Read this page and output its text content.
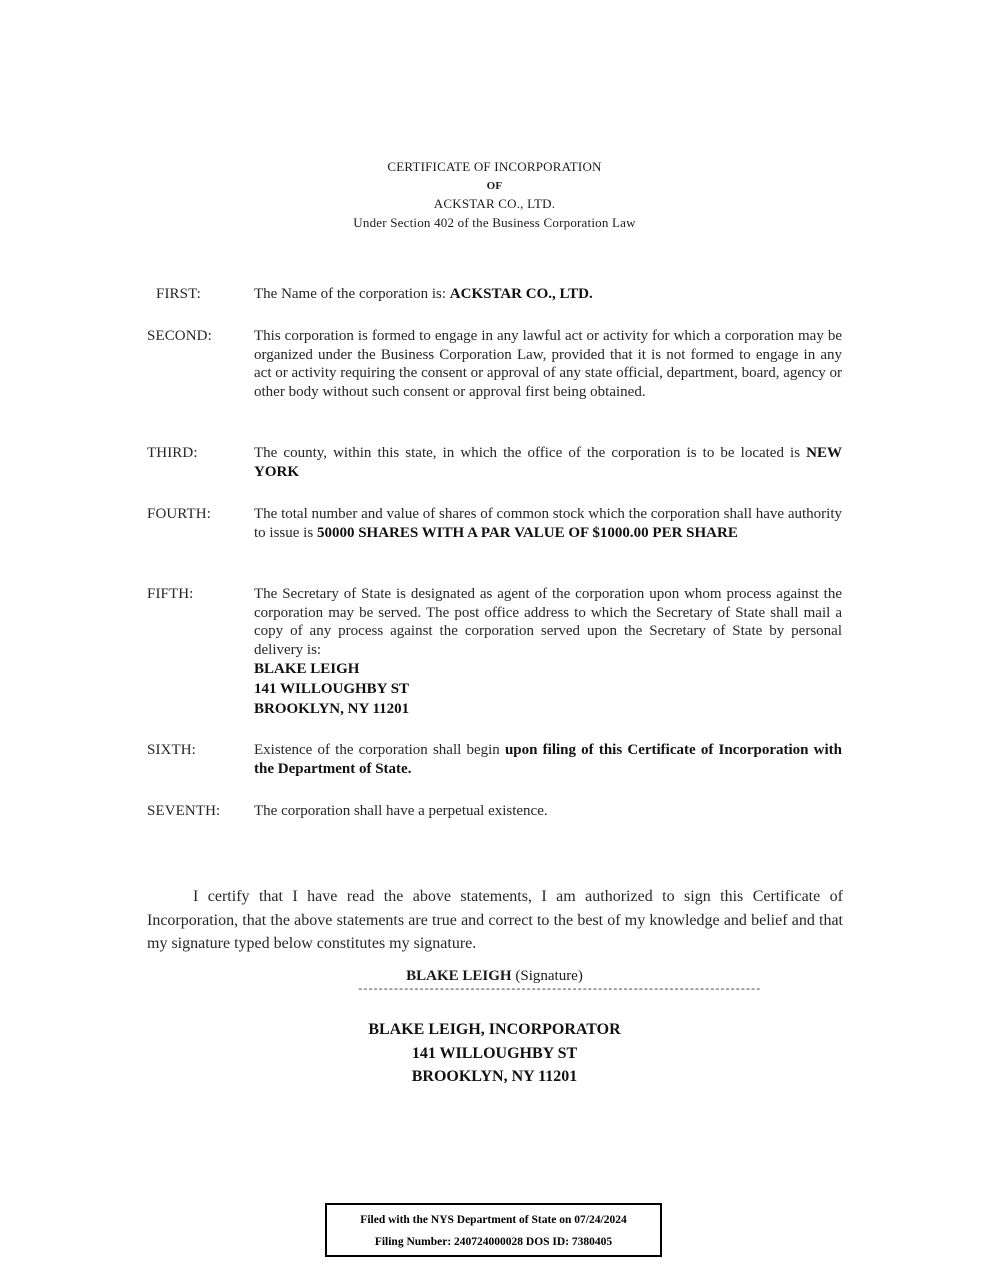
CERTIFICATE OF INCORPORATION
OF
ACKSTAR CO., LTD.
Under Section 402 of the Business Corporation Law
FIRST:	The Name of the corporation is: ACKSTAR CO., LTD.
SECOND:	This corporation is formed to engage in any lawful act or activity for which a corporation may be organized under the Business Corporation Law, provided that it is not formed to engage in any act or activity requiring the consent or approval of any state official, department, board, agency or other body without such consent or approval first being obtained.
THIRD:	The county, within this state, in which the office of the corporation is to be located is NEW YORK
FOURTH:	The total number and value of shares of common stock which the corporation shall have authority to issue is 50000 SHARES WITH A PAR VALUE OF $1000.00 PER SHARE
FIFTH:	The Secretary of State is designated as agent of the corporation upon whom process against the corporation may be served. The post office address to which the Secretary of State shall mail a copy of any process against the corporation served upon the Secretary of State by personal delivery is:
BLAKE LEIGH
141 WILLOUGHBY ST
BROOKLYN, NY 11201
SIXTH:	Existence of the corporation shall begin upon filing of this Certificate of Incorporation with the Department of State.
SEVENTH: The corporation shall have a perpetual existence.
I certify that I have read the above statements, I am authorized to sign this Certificate of Incorporation, that the above statements are true and correct to the best of my knowledge and belief and that my signature typed below constitutes my signature.
BLAKE LEIGH (Signature)
-------------------------------------------------------------------------------
BLAKE LEIGH, INCORPORATOR
141 WILLOUGHBY ST
BROOKLYN, NY 11201
Filed with the NYS Department of State on 07/24/2024
Filing Number: 240724000028 DOS ID: 7380405
